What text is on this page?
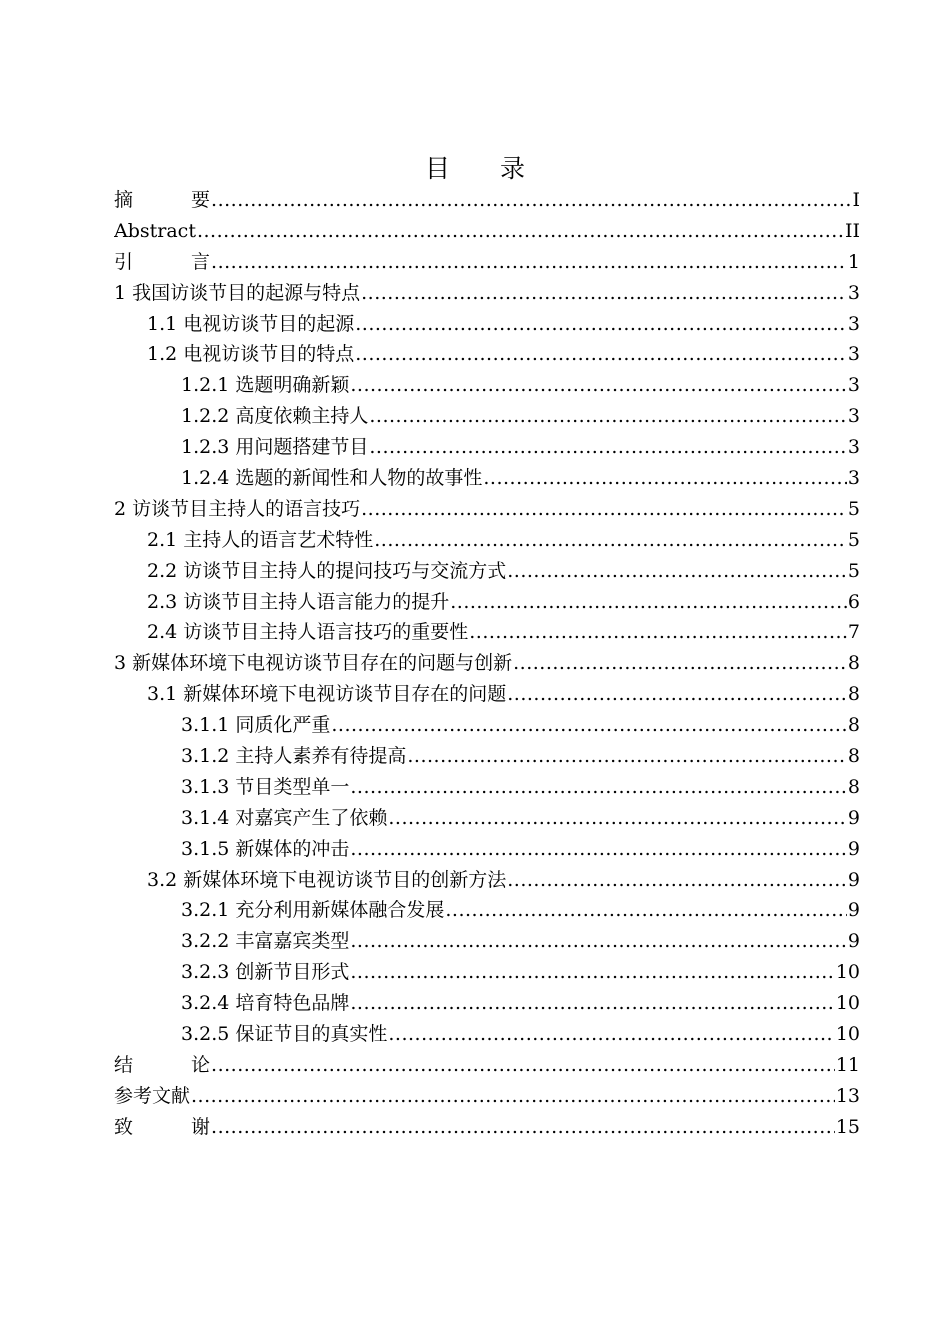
目 录
摘	要 .....	I
Abstract .....	II
引	言 .....	1
1 我国访谈节目的起源与特点 .....	3
1.1 电视访谈节目的起源 .....	3
1.2 电视访谈节目的特点 .....	3
1.2.1 选题明确新颖 .....	3
1.2.2 高度依赖主持人 .....	3
1.2.3 用问题搭建节目 .....	3
1.2.4 选题的新闻性和人物的故事性 .....	3
2 访谈节目主持人的语言技巧 .....	5
2.1 主持人的语言艺术特性 .....	5
2.2 访谈节目主持人的提问技巧与交流方式 .....	5
2.3 访谈节目主持人语言能力的提升 .....	6
2.4 访谈节目主持人语言技巧的重要性 .....	7
3 新媒体环境下电视访谈节目存在的问题与创新 .....	8
3.1 新媒体环境下电视访谈节目存在的问题 .....	8
3.1.1 同质化严重 .....	8
3.1.2 主持人素养有待提高 .....	8
3.1.3 节目类型单一 .....	8
3.1.4 对嘉宾产生了依赖 .....	9
3.1.5 新媒体的冲击 .....	9
3.2 新媒体环境下电视访谈节目的创新方法 .....	9
3.2.1 充分利用新媒体融合发展 .....	9
3.2.2 丰富嘉宾类型 .....	9
3.2.3 创新节目形式 .....	10
3.2.4 培育特色品牌 .....	10
3.2.5 保证节目的真实性 .....	10
结	论 .....	11
参考文献 .....	13
致	谢 .....	15
